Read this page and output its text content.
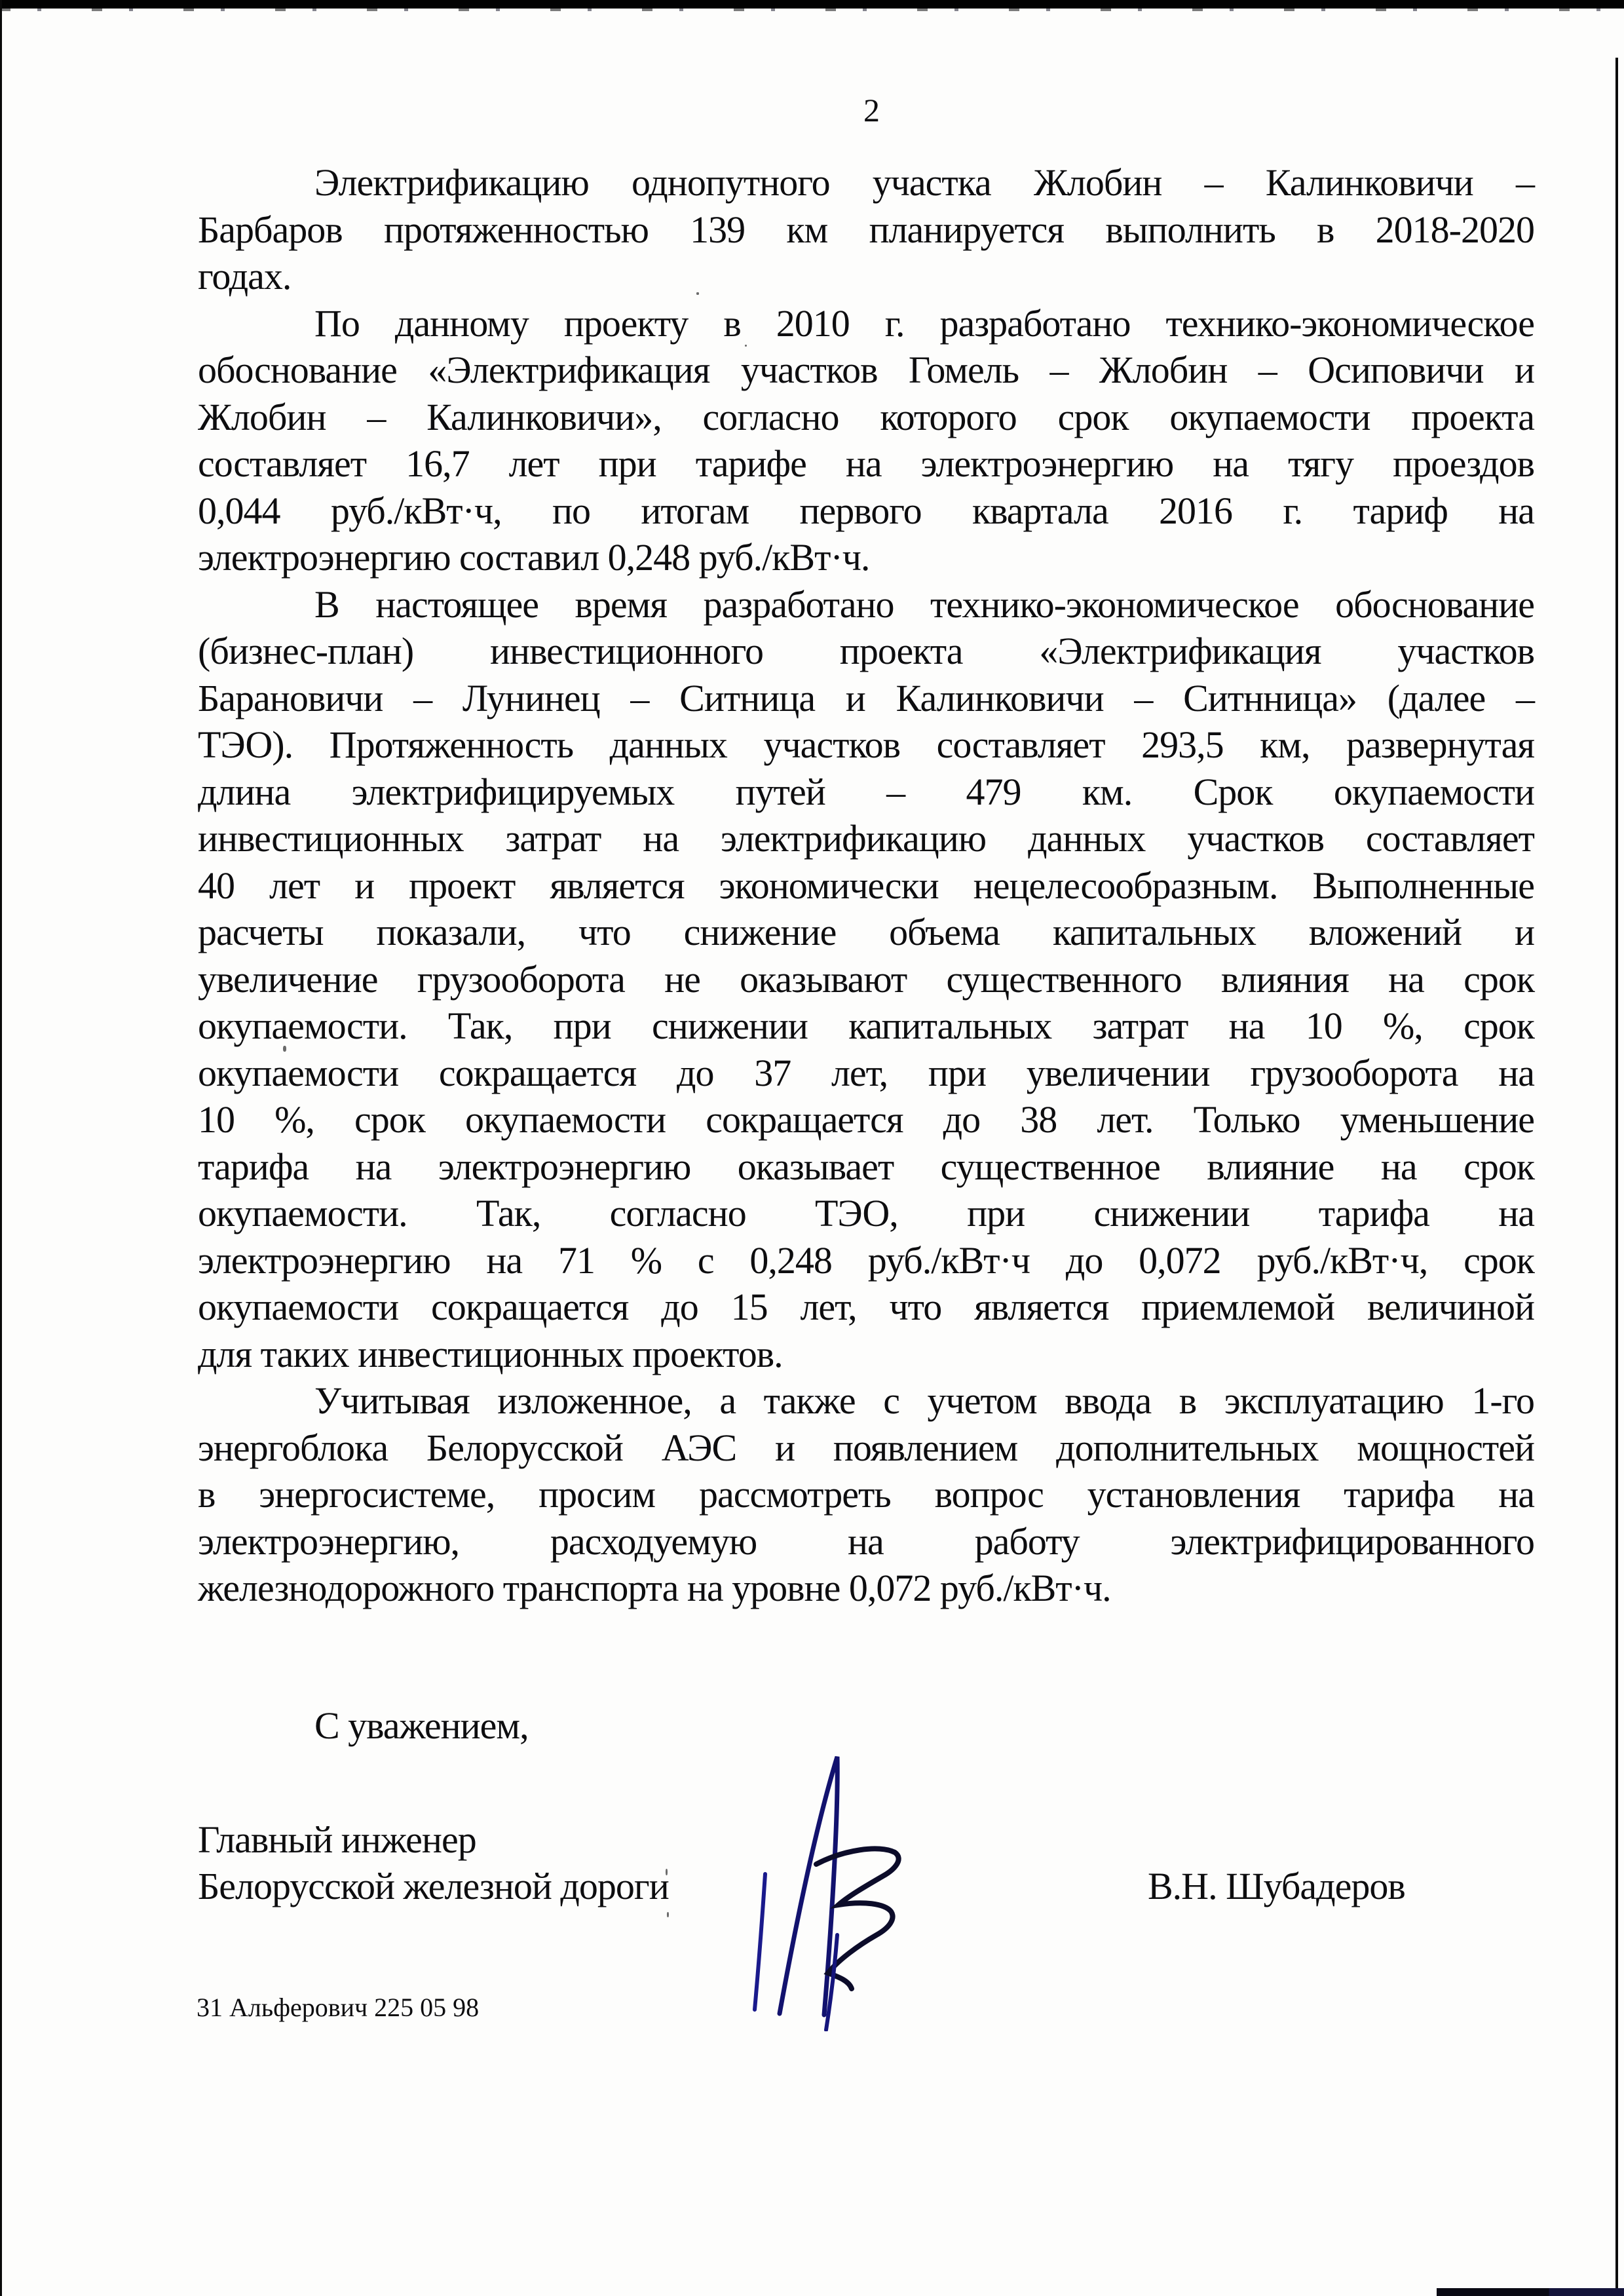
2
Электрификацию однопутного участка Жлобин – Калинковичи –
Барбаров протяженностью 139 км планируется выполнить в 2018-2020
годах.
По данному проекту в 2010 г. разработано технико-экономическое
обоснование «Электрификация участков Гомель – Жлобин – Осиповичи и
Жлобин – Калинковичи», согласно которого срок окупаемости проекта
составляет 16,7 лет при тарифе на электроэнергию на тягу проездов
0,044 руб./кВт·ч, по итогам первого квартала 2016 г. тариф на
электроэнергию составил 0,248 руб./кВт·ч.
В настоящее время разработано технико-экономическое обоснование
(бизнес-план) инвестиционного проекта «Электрификация участков
Барановичи – Лунинец – Ситница и Калинковичи – Ситнница» (далее –
ТЭО). Протяженность данных участков составляет 293,5 км, развернутая
длина электрифицируемых путей – 479 км. Срок окупаемости
инвестиционных затрат на электрификацию данных участков составляет
40 лет и проект является экономически нецелесообразным. Выполненные
расчеты показали, что снижение объема капитальных вложений и
увеличение грузооборота не оказывают существенного влияния на срок
окупаемости. Так, при снижении капитальных затрат на 10 %, срок
окупаемости сокращается до 37 лет, при увеличении грузооборота на
10 %, срок окупаемости сокращается до 38 лет. Только уменьшение
тарифа на электроэнергию оказывает существенное влияние на срок
окупаемости. Так, согласно ТЭО, при снижении тарифа на
электроэнергию на 71 % с 0,248 руб./кВт·ч до 0,072 руб./кВт·ч, срок
окупаемости сокращается до 15 лет, что является приемлемой величиной
для таких инвестиционных проектов.
Учитывая изложенное, а также с учетом ввода в эксплуатацию 1-го
энергоблока Белорусской АЭС и появлением дополнительных мощностей
в энергосистеме, просим рассмотреть вопрос установления тарифа на
электроэнергию, расходуемую на работу электрифицированного
железнодорожного транспорта на уровне 0,072 руб./кВт·ч.
С уважением,
Главный инженер
Белорусской железной дороги	В.Н. Шубадеров
31 Альферович 225 05 98
